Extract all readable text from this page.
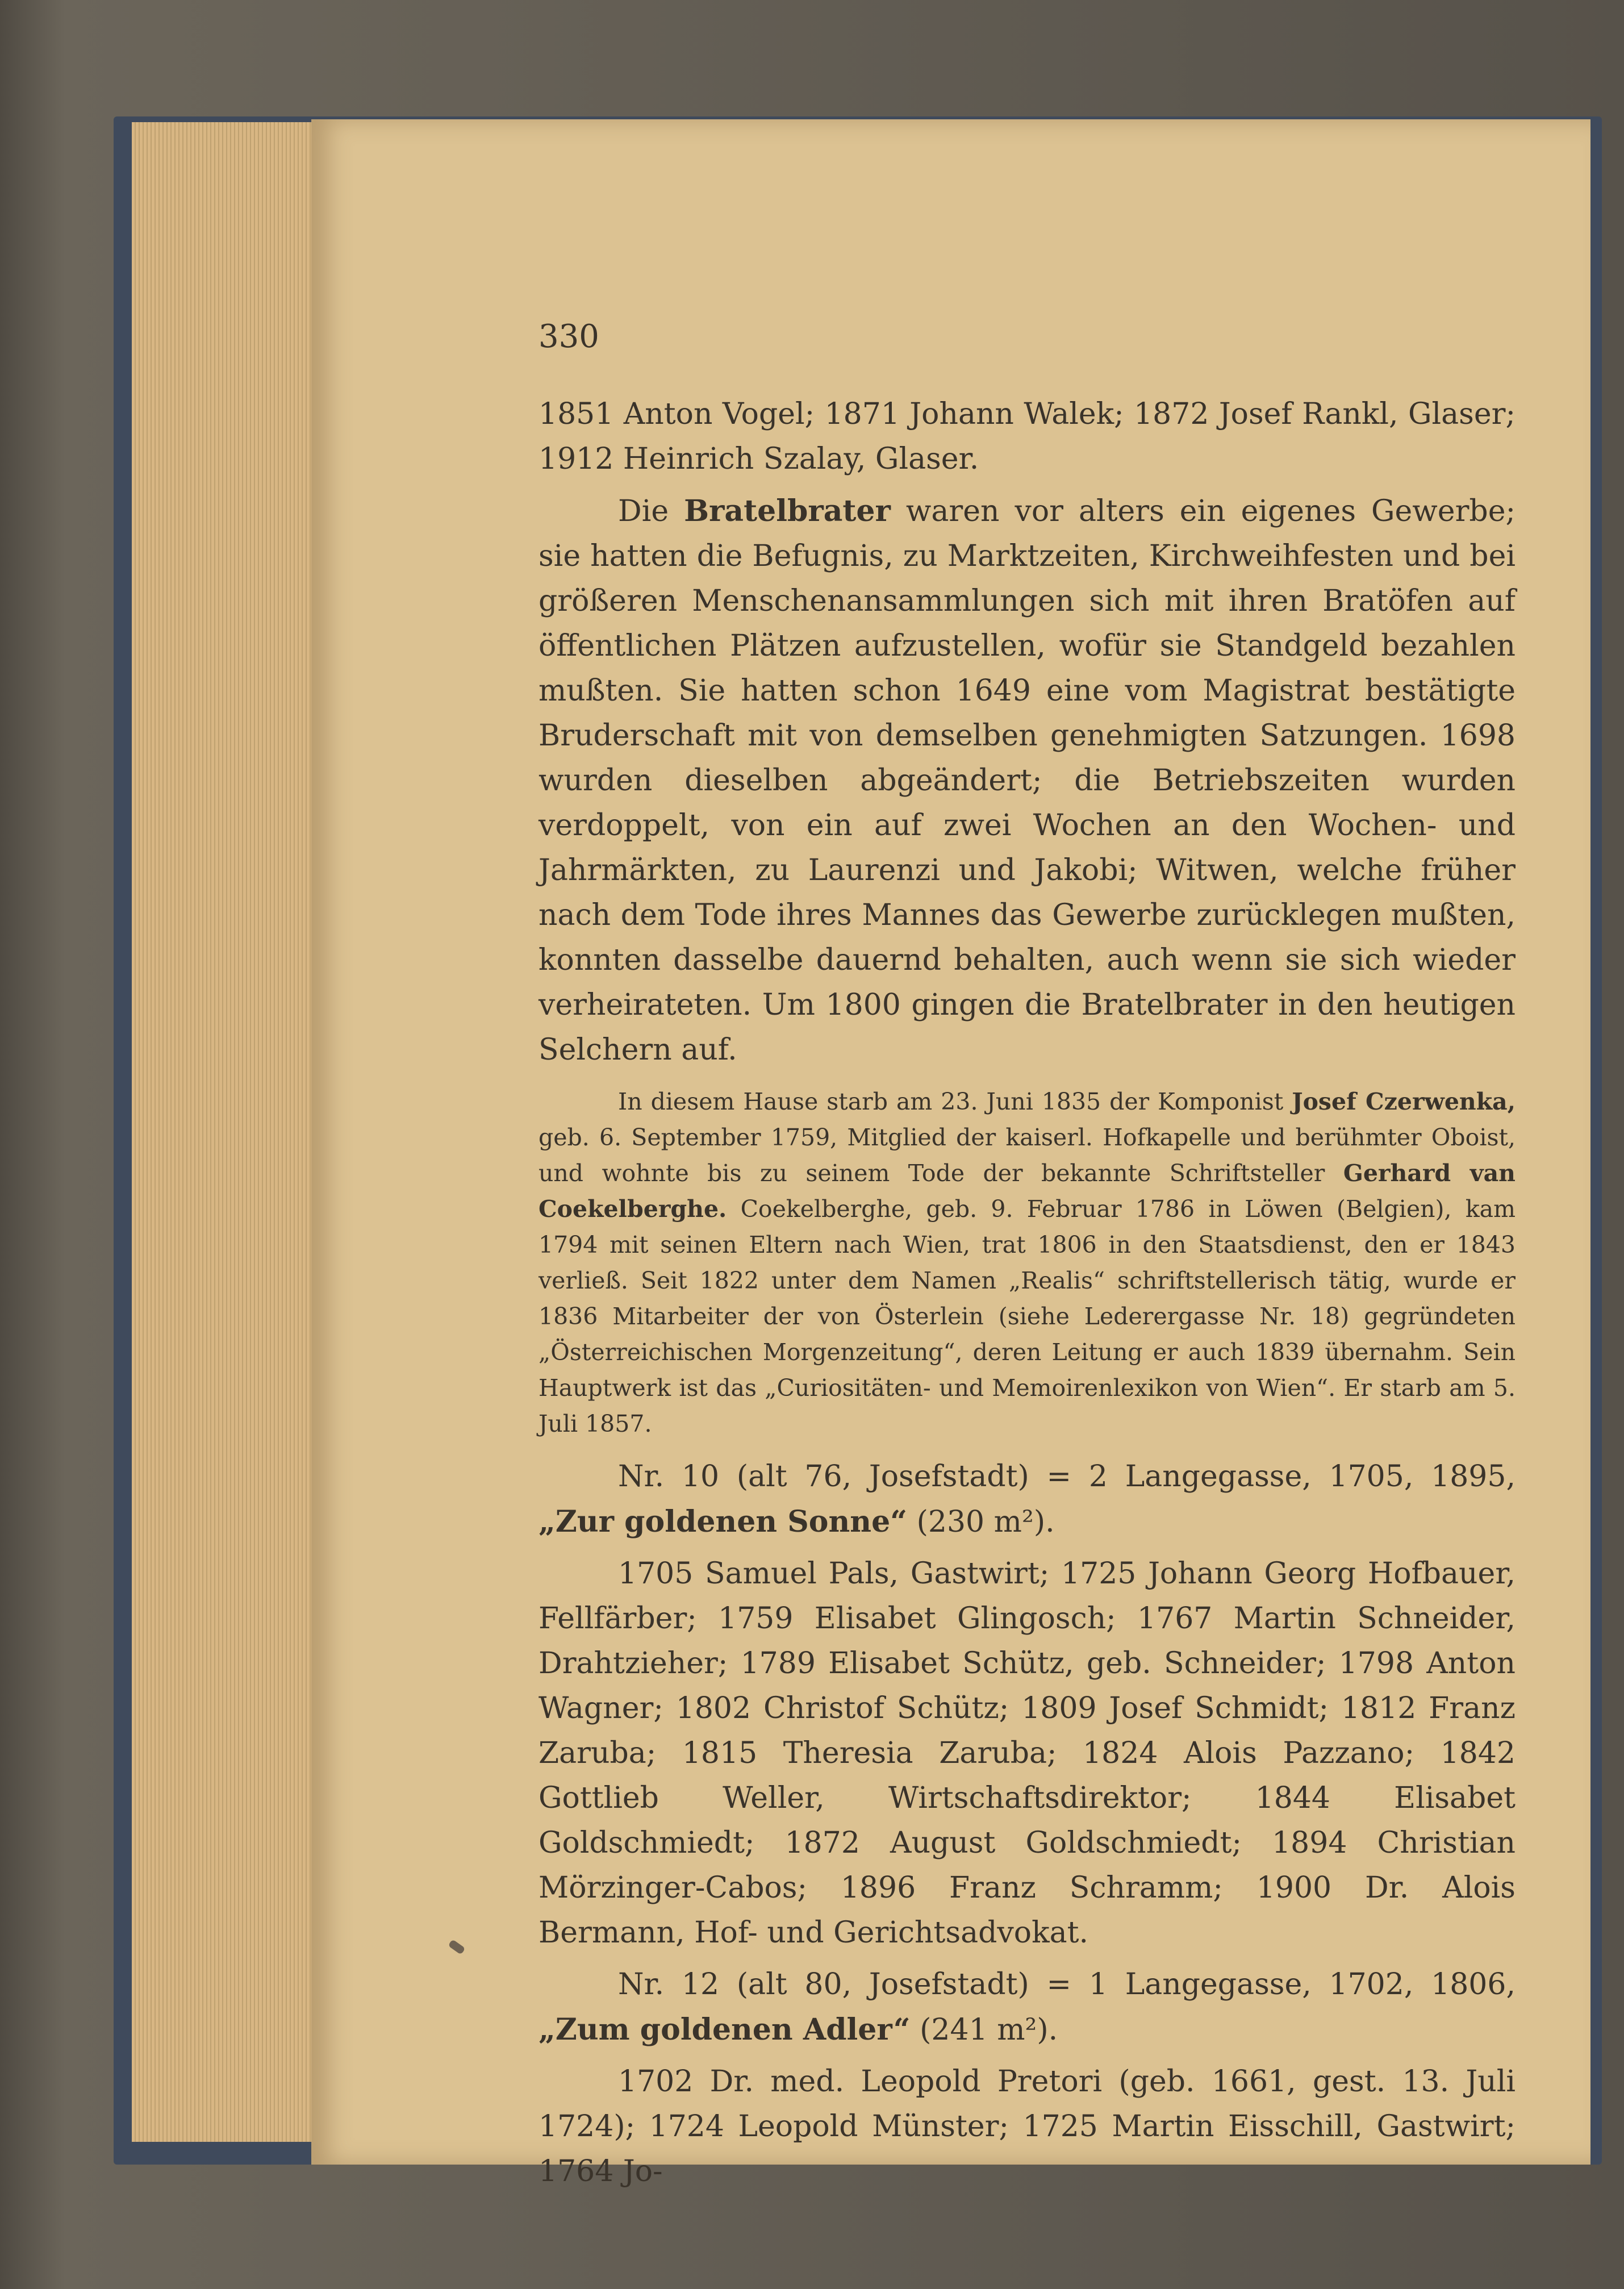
330

1851 Anton Vogel; 1871 Johann Walek; 1872 Josef Rankl, Glaser; 1912 Heinrich Szalay, Glaser.

Die Bratelbrater waren vor alters ein eigenes Gewerbe; sie hatten die Befugnis, zu Marktzeiten, Kirchweihfesten und bei größeren Menschenansammlungen sich mit ihren Bratöfen auf öffentlichen Plätzen aufzustellen, wofür sie Standgeld bezahlen mußten. Sie hatten schon 1649 eine vom Magistrat bestätigte Bruderschaft mit von demselben genehmigten Satzungen. 1698 wurden dieselben abgeändert; die Betriebszeiten wurden verdoppelt, von ein auf zwei Wochen an den Wochen- und Jahrmärkten, zu Laurenzi und Jakobi; Witwen, welche früher nach dem Tode ihres Mannes das Gewerbe zurücklegen mußten, konnten dasselbe dauernd behalten, auch wenn sie sich wieder verheirateten. Um 1800 gingen die Bratelbrater in den heutigen Selchern auf.

In diesem Hause starb am 23. Juni 1835 der Komponist Josef Czerwenka, geb. 6. September 1759, Mitglied der kaiserl. Hofkapelle und berühmter Oboist, und wohnte bis zu seinem Tode der bekannte Schriftsteller Gerhard van Coekelberghe. Coekelberghe, geb. 9. Februar 1786 in Löwen (Belgien), kam 1794 mit seinen Eltern nach Wien, trat 1806 in den Staatsdienst, den er 1843 verließ. Seit 1822 unter dem Namen „Realis“ schriftstellerisch tätig, wurde er 1836 Mitarbeiter der von Österlein (siehe Lederergasse Nr. 18) gegründeten „Österreichischen Morgenzeitung“, deren Leitung er auch 1839 übernahm. Sein Hauptwerk ist das „Curiositäten- und Memoirenlexikon von Wien“. Er starb am 5. Juli 1857.

Nr. 10 (alt 76, Josefstadt) = 2 Langegasse, 1705, 1895, „Zur goldenen Sonne“ (230 m²).

1705 Samuel Pals, Gastwirt; 1725 Johann Georg Hofbauer, Fellfärber; 1759 Elisabet Glingosch; 1767 Martin Schneider, Drahtzieher; 1789 Elisabet Schütz, geb. Schneider; 1798 Anton Wagner; 1802 Christof Schütz; 1809 Josef Schmidt; 1812 Franz Zaruba; 1815 Theresia Zaruba; 1824 Alois Pazzano; 1842 Gottlieb Weller, Wirtschaftsdirektor; 1844 Elisabet Goldschmiedt; 1872 August Goldschmiedt; 1894 Christian Mörzinger-Cabos; 1896 Franz Schramm; 1900 Dr. Alois Bermann, Hof- und Gerichtsadvokat.

Nr. 12 (alt 80, Josefstadt) = 1 Langegasse, 1702, 1806, „Zum goldenen Adler“ (241 m²).

1702 Dr. med. Leopold Pretori (geb. 1661, gest. 13. Juli 1724); 1724 Leopold Münster; 1725 Martin Eisschill, Gastwirt; 1764 Jo-
